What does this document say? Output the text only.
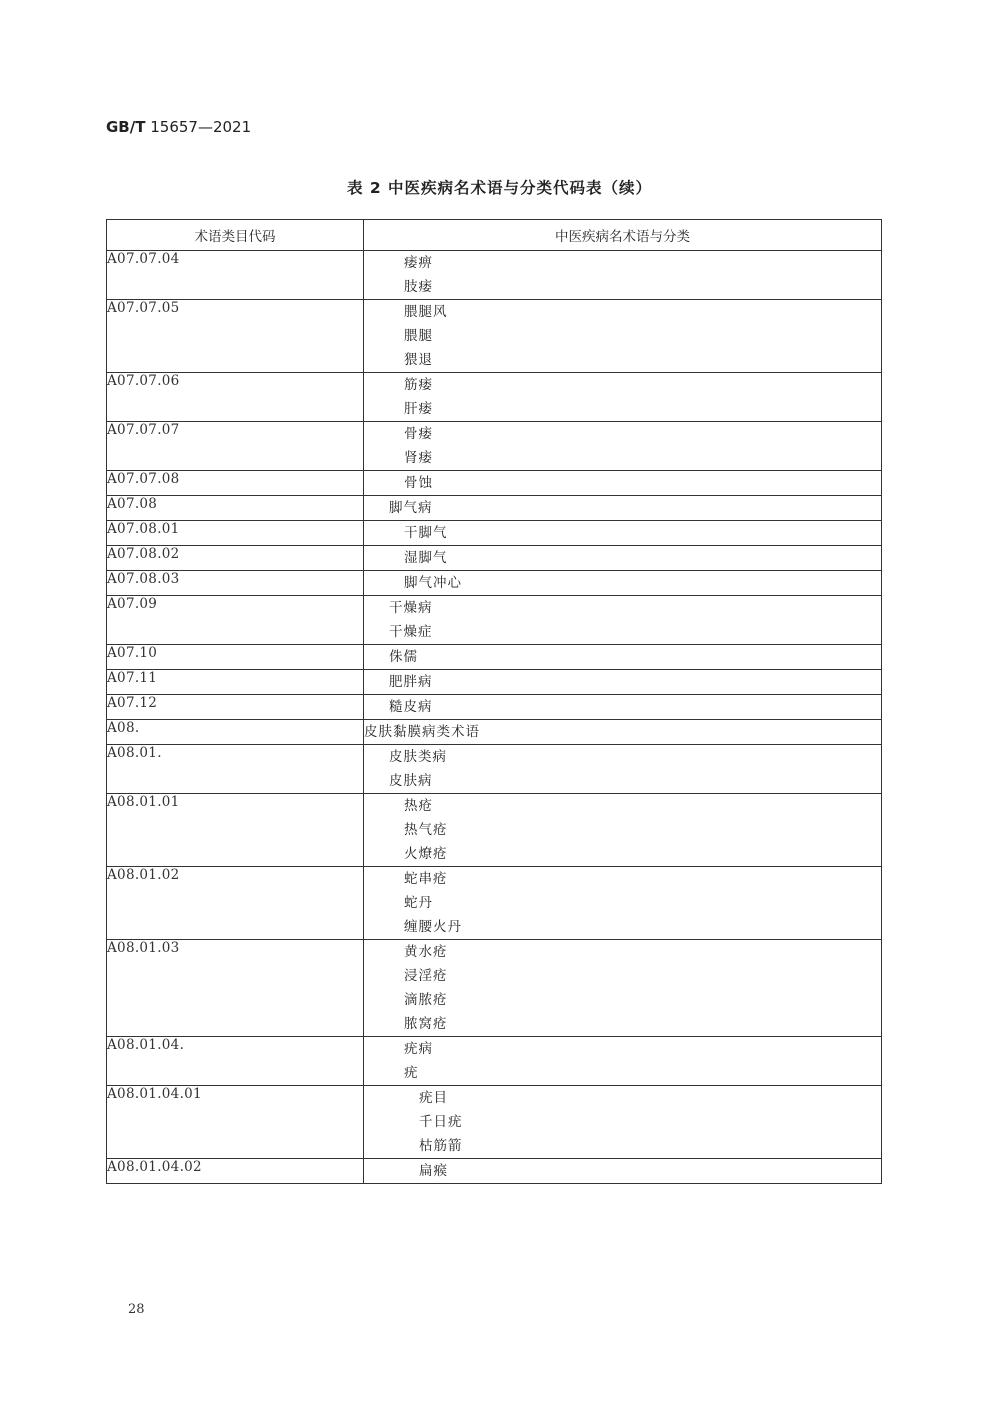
GB/T 15657—2021
表 2 中医疾病名术语与分类代码表（续）
术语类目代码	中医疾病名术语与分类
A07.07.04	痿痹
肢痿

A07.07.05	腲腿风
腲腿
猥退

A07.07.06	筋痿
肝痿

A07.07.07	骨痿
肾痿

A07.07.08	骨蚀

A07.08	脚气病

A07.08.01	干脚气

A07.08.02	湿脚气

A07.08.03	脚气冲心

A07.09	干燥病
干燥症

A07.10	侏儒

A07.11	肥胖病

A07.12	糙皮病

A08.	皮肤黏膜病类术语

A08.01.	皮肤类病
皮肤病

A08.01.01	热疮
热气疮
火燎疮

A08.01.02	蛇串疮
蛇丹
缠腰火丹

A08.01.03	黄水疮
浸淫疮
滴脓疮
脓窝疮

A08.01.04.	疣病
疣

A08.01.04.01	疣目
千日疣
枯筋箭

A08.01.04.02	扁瘊
28
